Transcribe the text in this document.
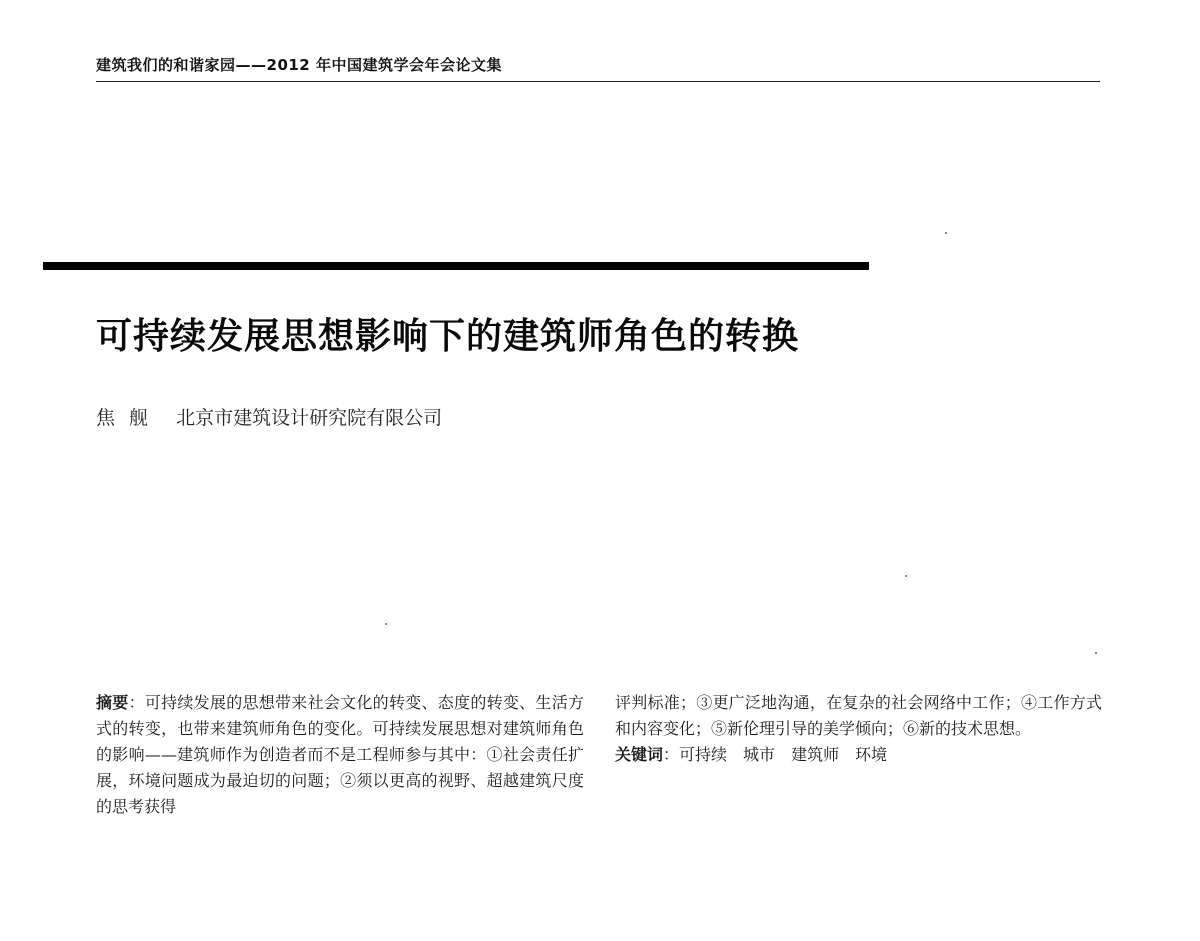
建筑我们的和谐家园——2012 年中国建筑学会年会论文集
可持续发展思想影响下的建筑师角色的转换
焦舰 北京市建筑设计研究院有限公司
摘要：可持续发展的思想带来社会文化的转变、态度的转变、生活方式的转变，也带来建筑师角色的变化。可持续发展思想对建筑师角色的影响——建筑师作为创造者而不是工程师参与其中：①社会责任扩展，环境问题成为最迫切的问题；②须以更高的视野、超越建筑尺度的思考获得
评判标准；③更广泛地沟通，在复杂的社会网络中工作；④工作方式和内容变化；⑤新伦理引导的美学倾向；⑥新的技术思想。
关键词：可持续 城市 建筑师 环境
